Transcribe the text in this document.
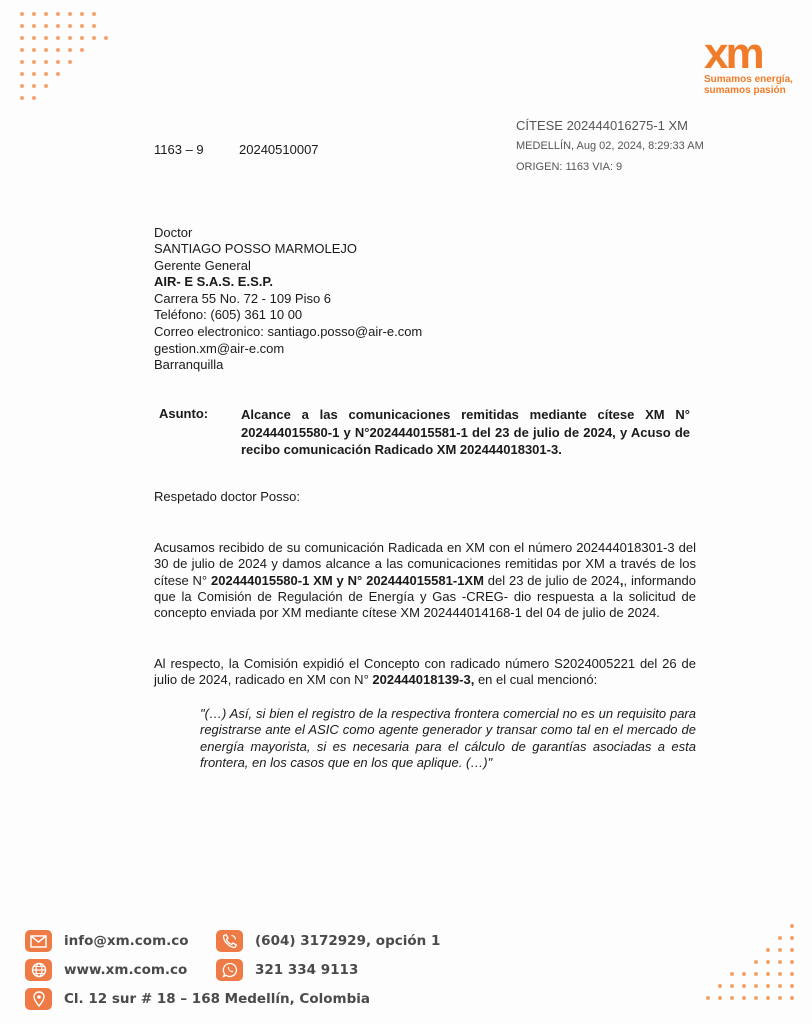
xm
Sumamos energía,
sumamos pasión
1163 – 9	20240510007
CÍTESE 202444016275-1 XM
MEDELLÍN, Aug 02, 2024, 8:29:33 AM
ORIGEN: 1163 VIA: 9
Doctor
SANTIAGO POSSO MARMOLEJO
Gerente General
AIR- E S.A.S. E.S.P.
Carrera 55 No. 72 - 109 Piso 6
Teléfono: (605) 361 10 00
Correo electronico: santiago.posso@air-e.com
gestion.xm@air-e.com
Barranquilla
Asunto:	Alcance a las comunicaciones remitidas mediante cítese XM N° 202444015580-1 y N°202444015581-1 del 23 de julio de 2024, y Acuso de recibo comunicación Radicado XM 202444018301-3.
Respetado doctor Posso:
Acusamos recibido de su comunicación Radicada en XM con el número 202444018301-3 del 30 de julio de 2024 y damos alcance a las comunicaciones remitidas por XM a través de los cítese N° 202444015580-1 XM y N° 202444015581-1XM del 23 de julio de 2024,, informando que la Comisión de Regulación de Energía y Gas -CREG- dio respuesta a la solicitud de concepto enviada por XM mediante cítese XM 202444014168-1 del 04 de julio de 2024.
Al respecto, la Comisión expidió el Concepto con radicado número S2024005221 del 26 de julio de 2024, radicado en XM con N° 202444018139-3, en el cual mencionó:
"(…) Así, si bien el registro de la respectiva frontera comercial no es un requisito para registrarse ante el ASIC como agente generador y transar como tal en el mercado de energía mayorista, si es necesaria para el cálculo de garantías asociadas a esta frontera, en los casos que en los que aplique. (…)"
info@xm.com.co
www.xm.com.co
Cl. 12 sur # 18 – 168 Medellín, Colombia
(604) 3172929, opción 1
321 334 9113
